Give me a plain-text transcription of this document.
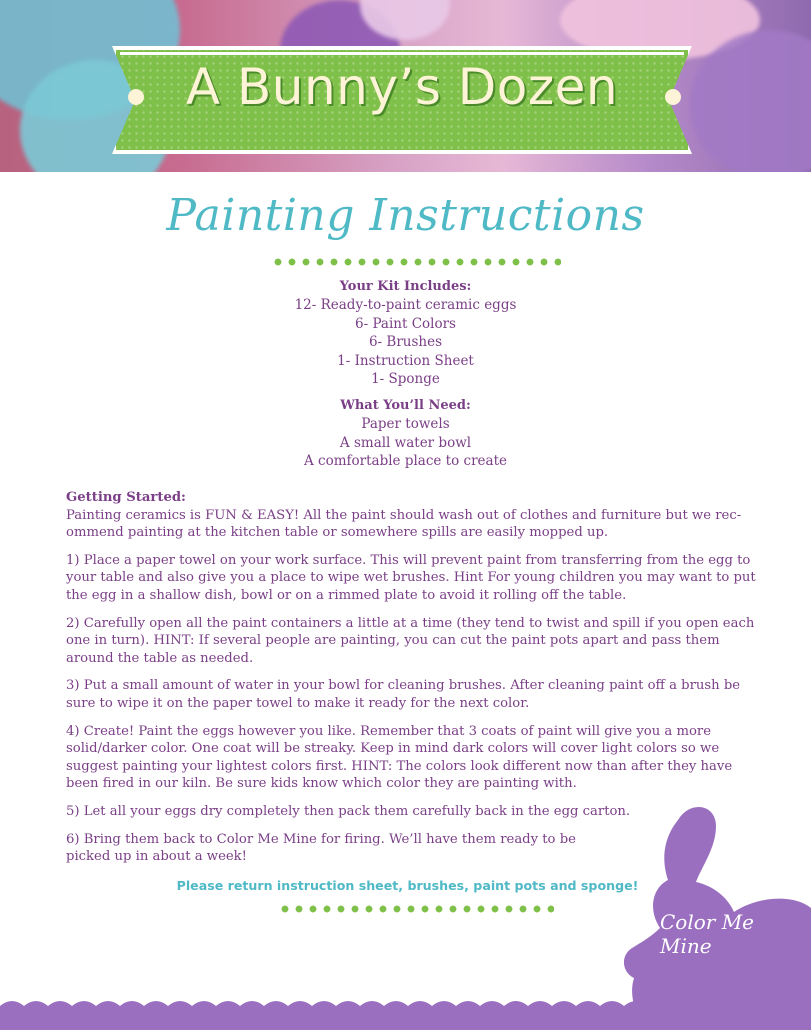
A Bunny’s Dozen
Painting Instructions
Your Kit Includes:
12- Ready-to-paint ceramic eggs
6- Paint Colors
6- Brushes
1- Instruction Sheet
1- Sponge
What You’ll Need:
Paper towels
A small water bowl
A comfortable place to create
Getting Started:

Painting ceramics is FUN & EASY! All the paint should wash out of clothes and furniture but we rec-ommend painting at the kitchen table or somewhere spills are easily mopped up.

1) Place a paper towel on your work surface. This will prevent paint from transferring from the egg to your table and also give you a place to wipe wet brushes. Hint For young children you may want to put the egg in a shallow dish, bowl or on a rimmed plate to avoid it rolling off the table.

2) Carefully open all the paint containers a little at a time (they tend to twist and spill if you open each one in turn). HINT: If several people are painting, you can cut the paint pots apart and pass them around the table as needed.

3) Put a small amount of water in your bowl for cleaning brushes. After cleaning paint off a brush be sure to wipe it on the paper towel to make it ready for the next color.

4) Create! Paint the eggs however you like. Remember that 3 coats of paint will give you a more solid/darker color. One coat will be streaky. Keep in mind dark colors will cover light colors so we suggest painting your lightest colors first. HINT: The colors look different now than after they have been fired in our kiln. Be sure kids know which color they are painting with.

5) Let all your eggs dry completely then pack them carefully back in the egg carton.

6) Bring them back to Color Me Mine for firing. We’ll have them ready to be picked up in about a week!

Please return instruction sheet, brushes, paint pots and sponge!
Color Me Mine
